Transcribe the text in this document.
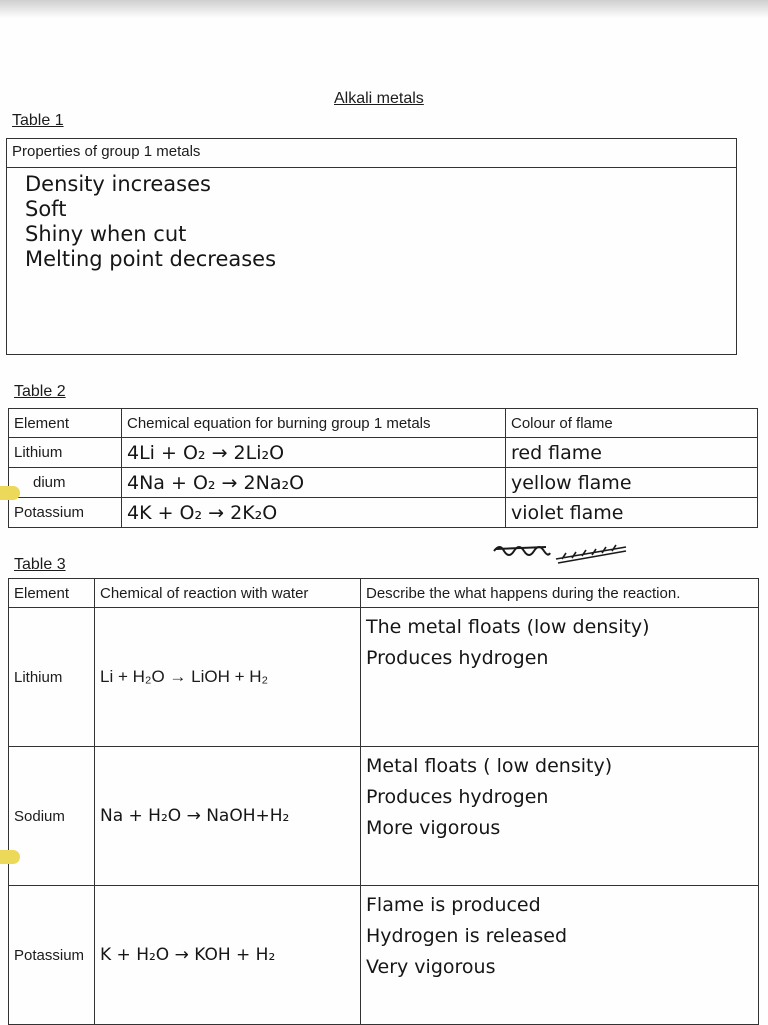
Alkali metals
Table 1
Properties of group 1 metals
Density increases
Soft
Shiny when cut
Melting point decreases
Table 2
Element	Chemical equation for burning group 1 metals	Colour of flame
Lithium	4Li + O₂ → 2Li₂O	red flame
dium	4Na + O₂ → 2Na₂O	yellow flame
Potassium	4K + O₂ → 2K₂O	violet flame
Table 3
Element	Chemical of reaction with water	Describe the what happens during the reaction.
Lithium	Li + H₂O → LiOH + H₂	The metal floats (low density)
Produces hydrogen

Sodium	Na + H₂O → NaOH+H₂	Metal floats ( low density)
Produces hydrogen
More vigorous

Potassium	K + H₂O → KOH + H₂	Flame is produced
Hydrogen is released
Very vigorous
